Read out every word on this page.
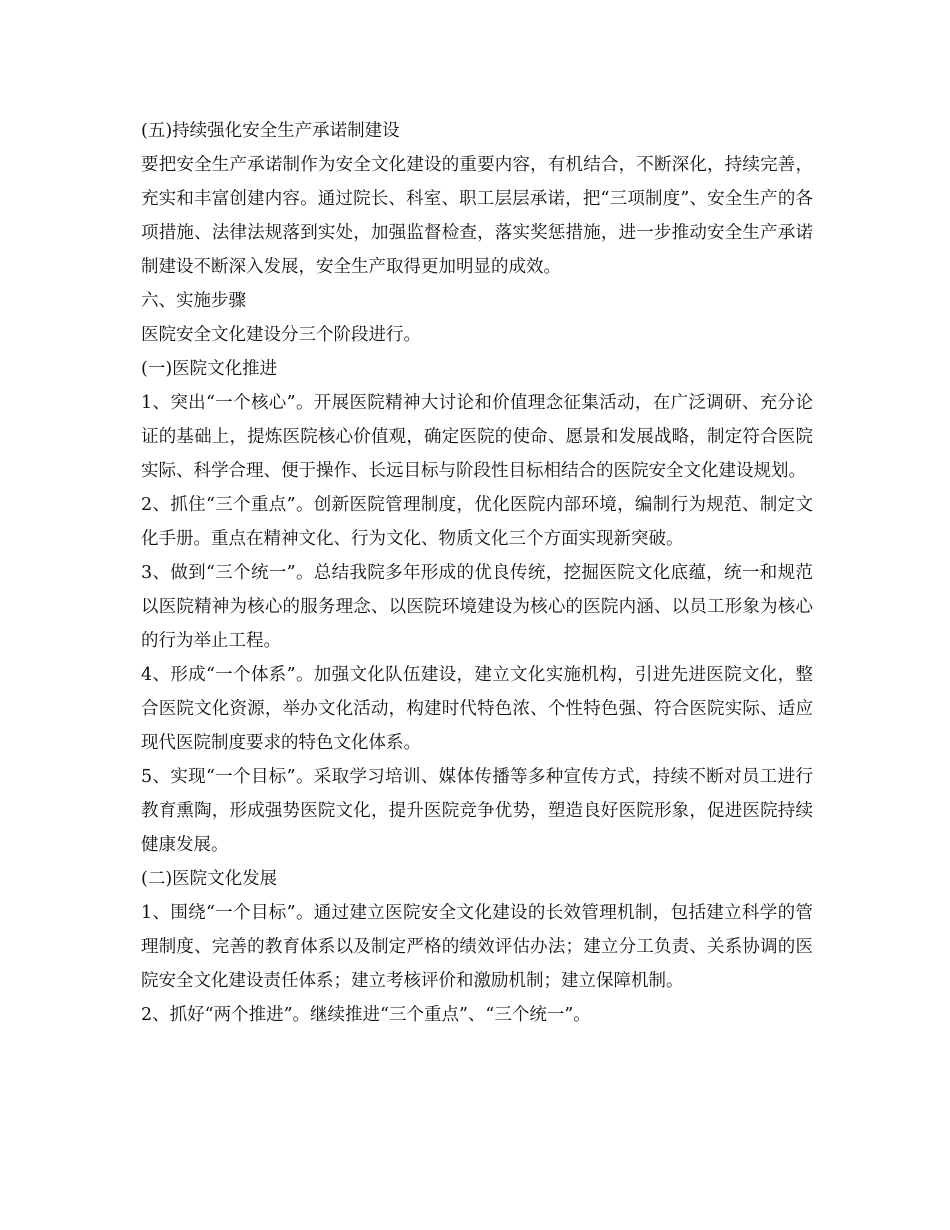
(五)持续强化安全生产承诺制建设

要把安全生产承诺制作为安全文化建设的重要内容，有机结合，不断深化，持续完善，充实和丰富创建内容。通过院长、科室、职工层层承诺，把“三项制度”、安全生产的各项措施、法律法规落到实处，加强监督检查，落实奖惩措施，进一步推动安全生产承诺制建设不断深入发展，安全生产取得更加明显的成效。

六、实施步骤

医院安全文化建设分三个阶段进行。

(一)医院文化推进

1、突出“一个核心”。开展医院精神大讨论和价值理念征集活动，在广泛调研、充分论证的基础上，提炼医院核心价值观，确定医院的使命、愿景和发展战略，制定符合医院实际、科学合理、便于操作、长远目标与阶段性目标相结合的医院安全文化建设规划。

2、抓住“三个重点”。创新医院管理制度，优化医院内部环境，编制行为规范、制定文化手册。重点在精神文化、行为文化、物质文化三个方面实现新突破。

3、做到“三个统一”。总结我院多年形成的优良传统，挖掘医院文化底蕴，统一和规范以医院精神为核心的服务理念、以医院环境建设为核心的医院内涵、以员工形象为核心的行为举止工程。

4、形成“一个体系”。加强文化队伍建设，建立文化实施机构，引进先进医院文化，整合医院文化资源，举办文化活动，构建时代特色浓、个性特色强、符合医院实际、适应现代医院制度要求的特色文化体系。

5、实现“一个目标”。采取学习培训、媒体传播等多种宣传方式，持续不断对员工进行教育熏陶，形成强势医院文化，提升医院竞争优势，塑造良好医院形象，促进医院持续健康发展。

(二)医院文化发展

1、围绕“一个目标”。通过建立医院安全文化建设的长效管理机制，包括建立科学的管理制度、完善的教育体系以及制定严格的绩效评估办法；建立分工负责、关系协调的医院安全文化建设责任体系；建立考核评价和激励机制；建立保障机制。

2、抓好“两个推进”。继续推进“三个重点”、“三个统一”。
